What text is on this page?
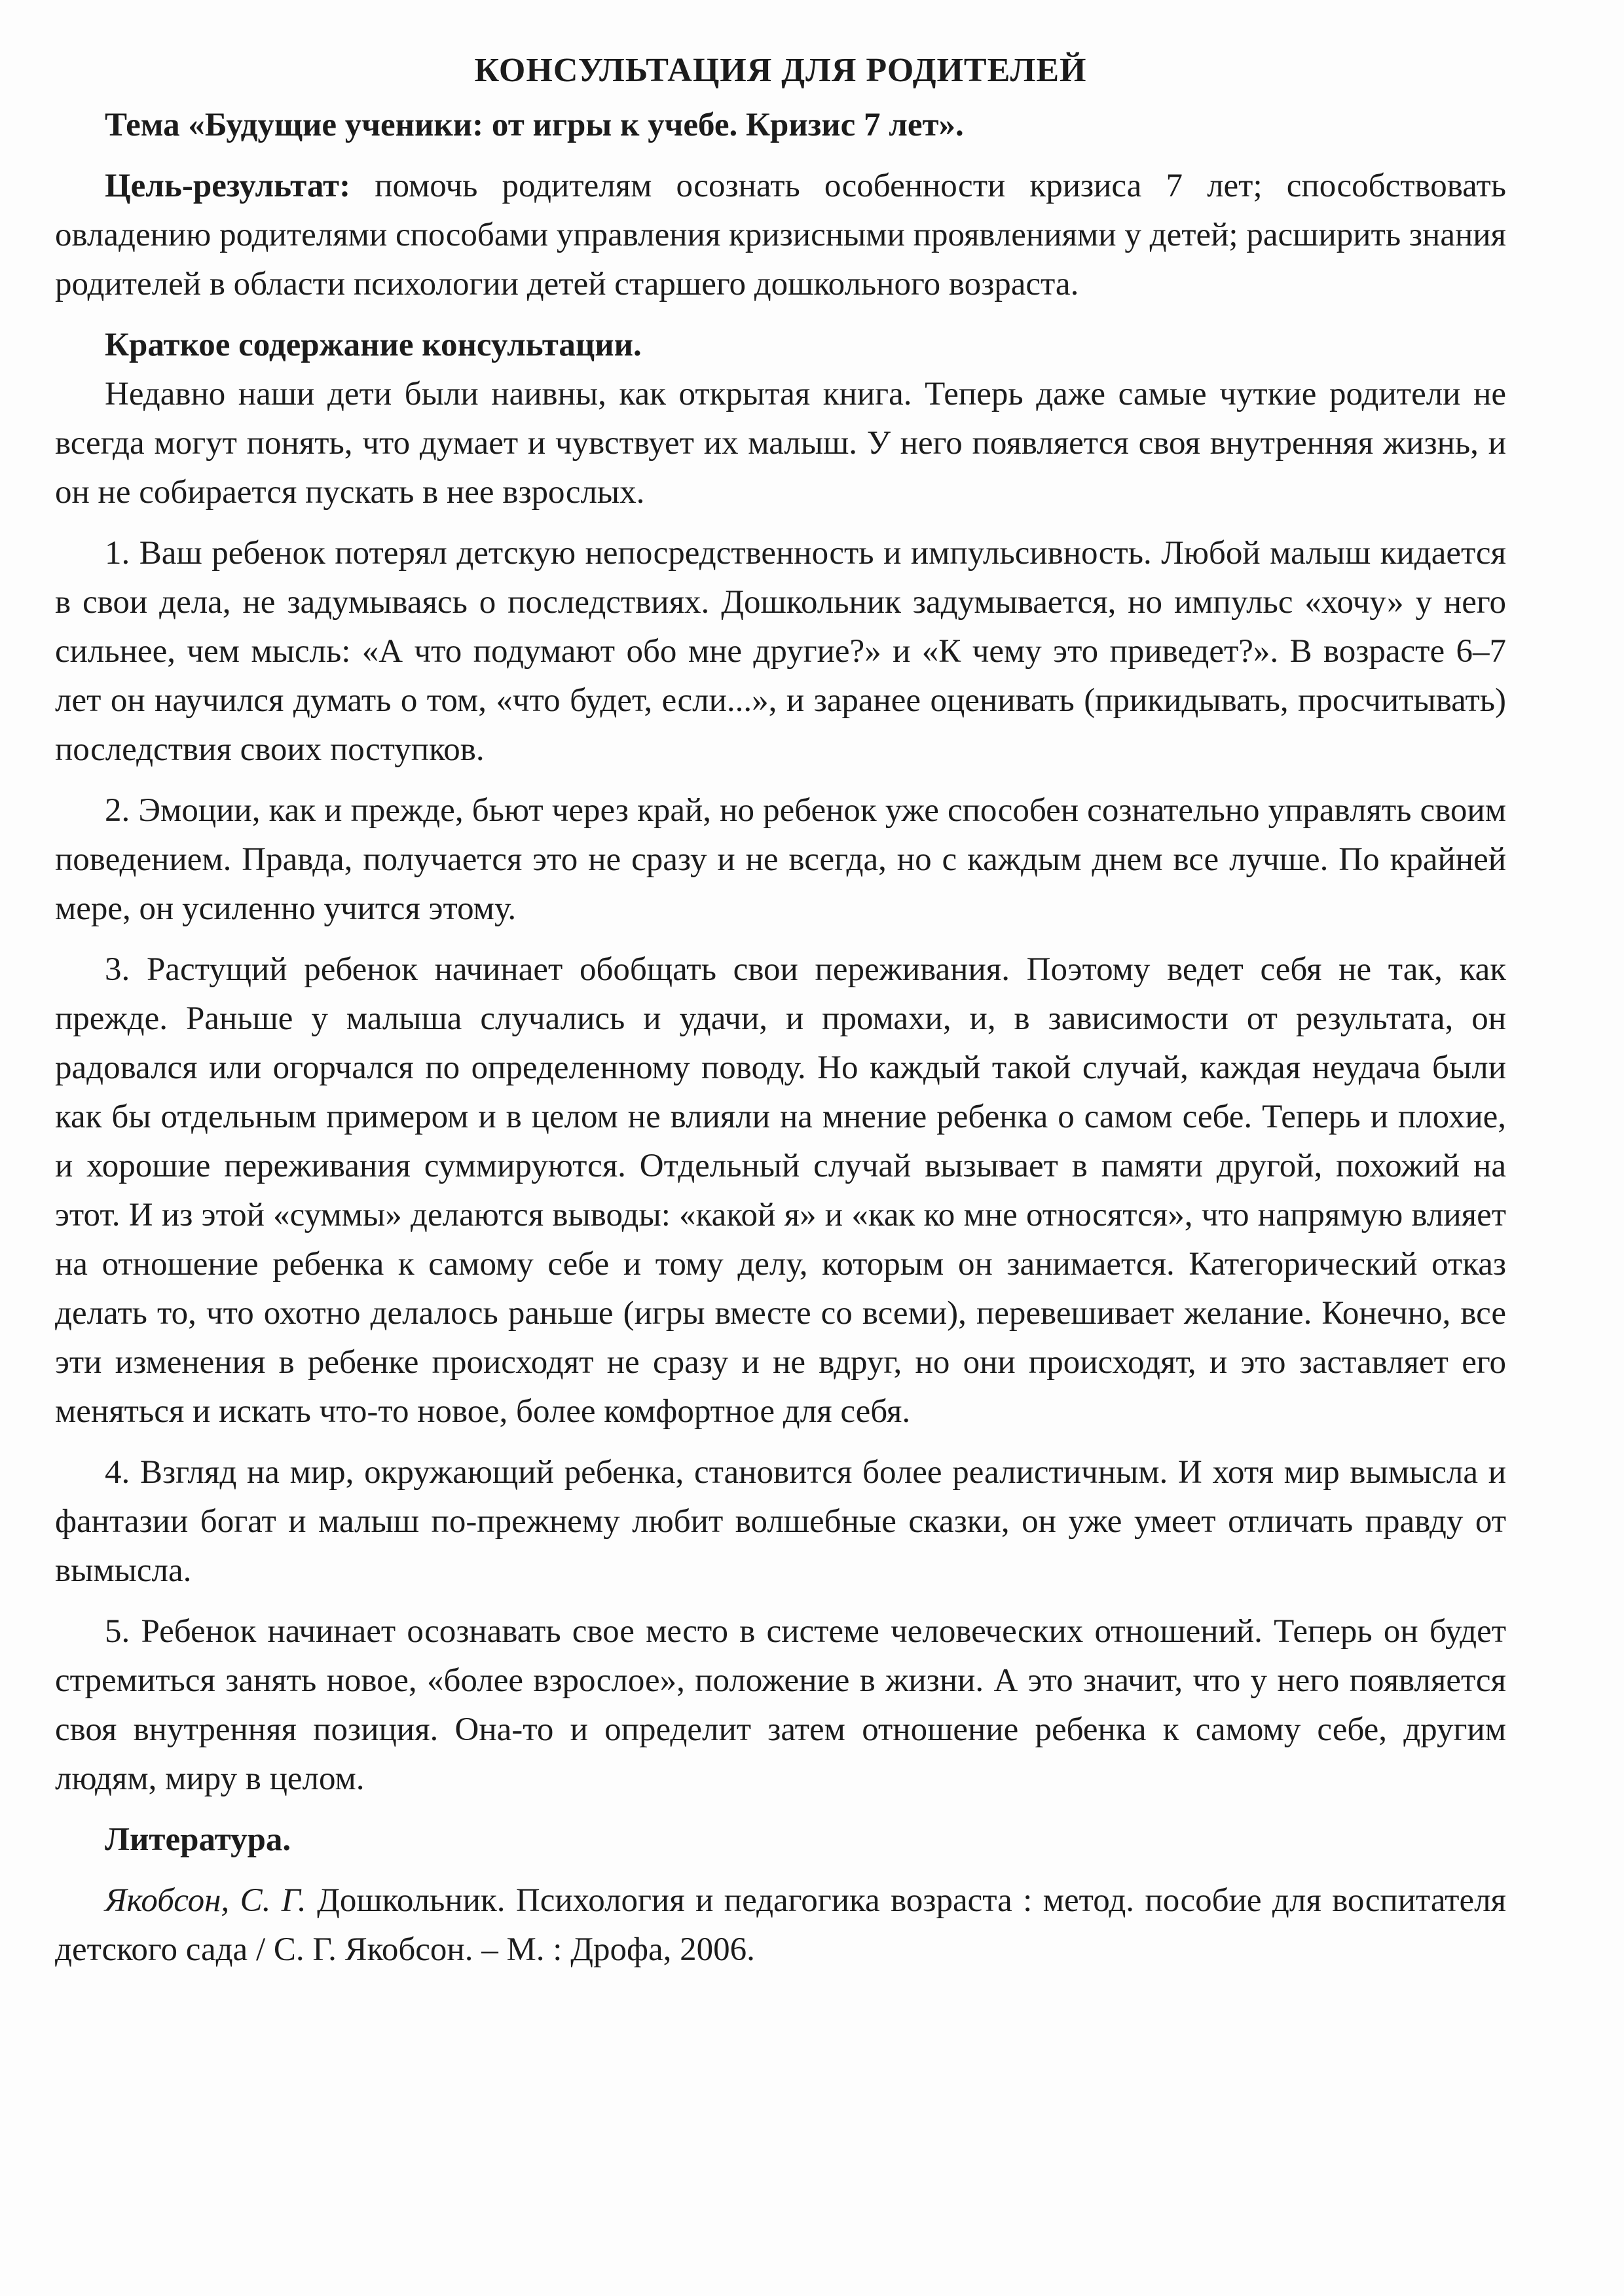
КОНСУЛЬТАЦИЯ ДЛЯ РОДИТЕЛЕЙ

Тема «Будущие ученики: от игры к учебе. Кризис 7 лет».

Цель-результат: помочь родителям осознать особенности кризиса 7 лет; способствовать овладению родителями способами управления кризисными проявлениями у детей; расширить знания родителей в области психологии детей старшего дошкольного возраста.

Краткое содержание консультации.

Недавно наши дети были наивны, как открытая книга. Теперь даже самые чуткие родители не всегда могут понять, что думает и чувствует их малыш. У него появляется своя внутренняя жизнь, и он не собирается пускать в нее взрослых.

1. Ваш ребенок потерял детскую непосредственность и импульсивность. Любой малыш кидается в свои дела, не задумываясь о последствиях. Дошкольник задумывается, но импульс «хочу» у него сильнее, чем мысль: «А что подумают обо мне другие?» и «К чему это приведет?». В возрасте 6–7 лет он научился думать о том, «что будет, если...», и заранее оценивать (прикидывать, просчитывать) последствия своих поступков.

2. Эмоции, как и прежде, бьют через край, но ребенок уже способен сознательно управлять своим поведением. Правда, получается это не сразу и не всегда, но с каждым днем все лучше. По крайней мере, он усиленно учится этому.

3. Растущий ребенок начинает обобщать свои переживания. Поэтому ведет себя не так, как прежде. Раньше у малыша случались и удачи, и промахи, и, в зависимости от результата, он радовался или огорчался по определенному поводу. Но каждый такой случай, каждая неудача были как бы отдельным примером и в целом не влияли на мнение ребенка о самом себе. Теперь и плохие, и хорошие переживания суммируются. Отдельный случай вызывает в памяти другой, похожий на этот. И из этой «суммы» делаются выводы: «какой я» и «как ко мне относятся», что напрямую влияет на отношение ребенка к самому себе и тому делу, которым он занимается. Категорический отказ делать то, что охотно делалось раньше (игры вместе со всеми), перевешивает желание. Конечно, все эти изменения в ребенке происходят не сразу и не вдруг, но они происходят, и это заставляет его меняться и искать что-то новое, более комфортное для себя.

4. Взгляд на мир, окружающий ребенка, становится более реалистичным. И хотя мир вымысла и фантазии богат и малыш по-прежнему любит волшебные сказки, он уже умеет отличать правду от вымысла.

5. Ребенок начинает осознавать свое место в системе человеческих отношений. Теперь он будет стремиться занять новое, «более взрослое», положение в жизни. А это значит, что у него появляется своя внутренняя позиция. Она-то и определит затем отношение ребенка к самому себе, другим людям, миру в целом.

Литература.

Якобсон, С. Г. Дошкольник. Психология и педагогика возраста : метод. пособие для воспитателя детского сада / С. Г. Якобсон. – М. : Дрофа, 2006.
